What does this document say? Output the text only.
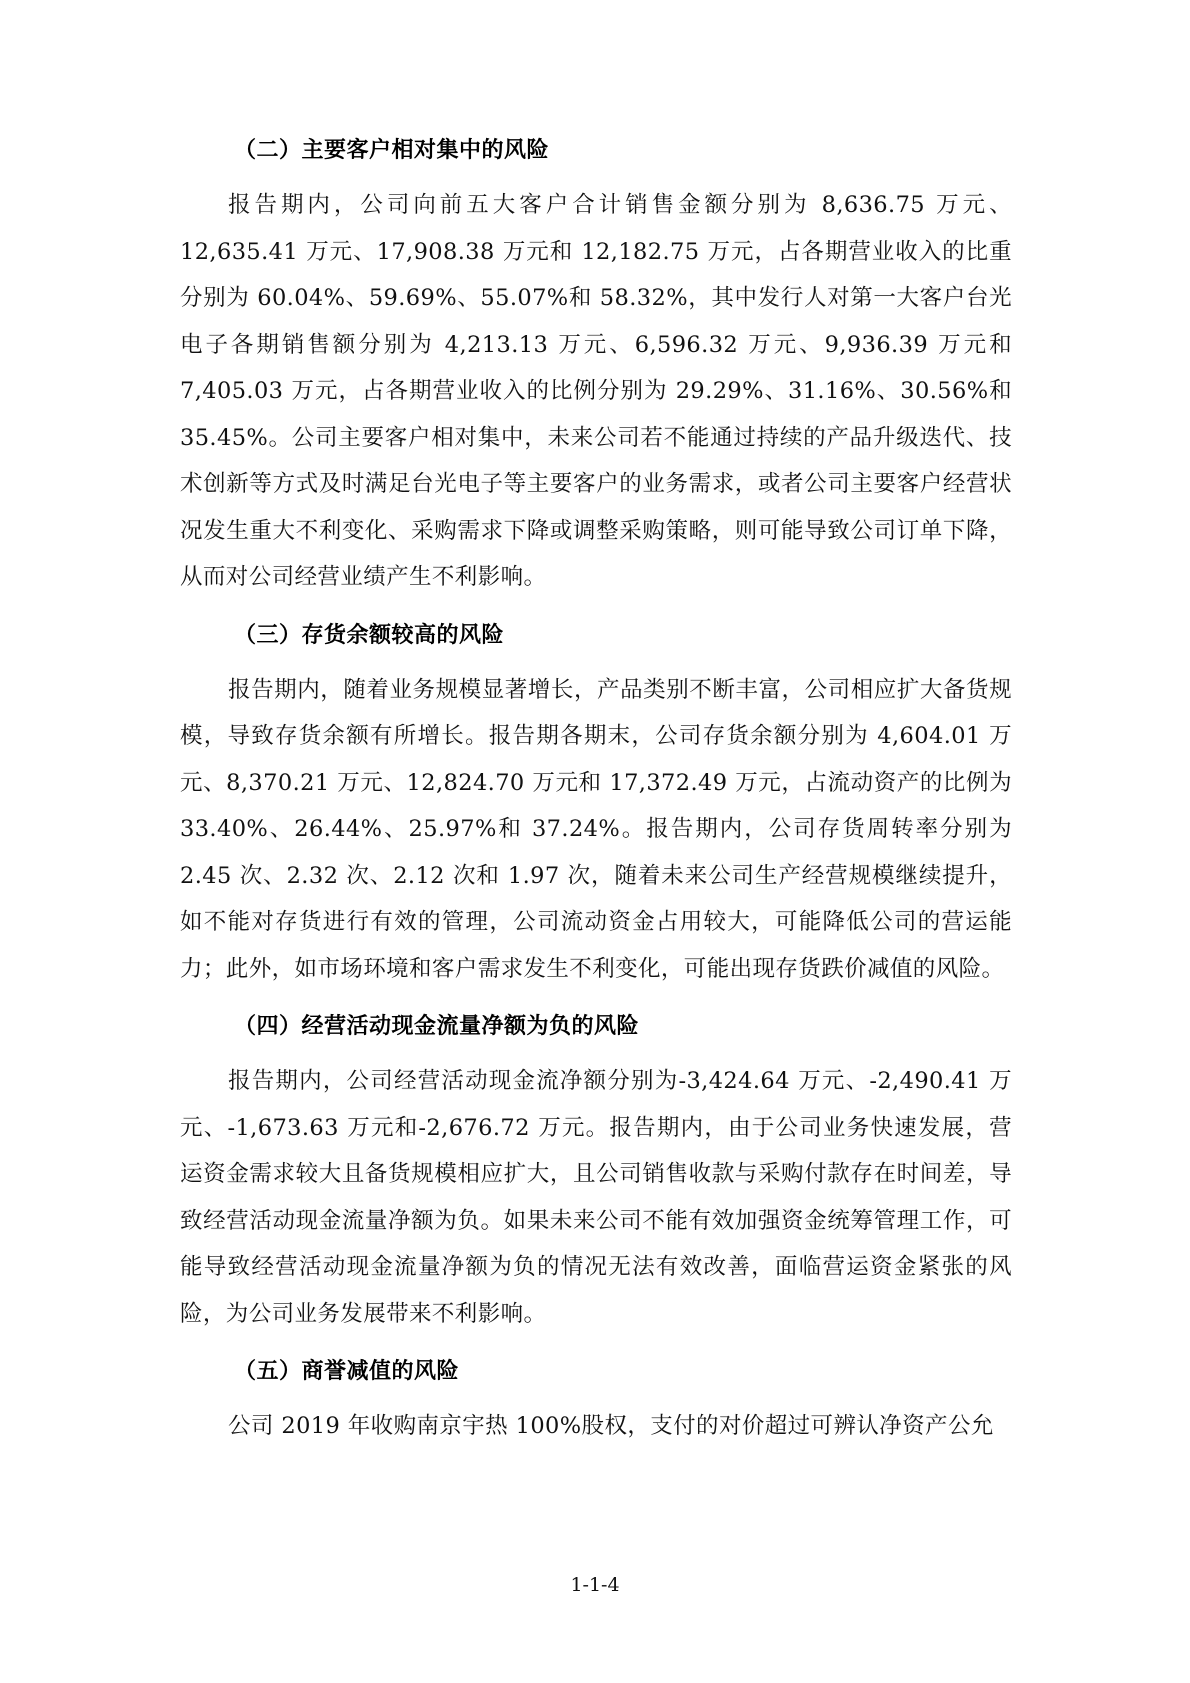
（二）主要客户相对集中的风险

报告期内，公司向前五大客户合计销售金额分别为 8,636.75 万元、12,635.41 万元、17,908.38 万元和 12,182.75 万元，占各期营业收入的比重分别为 60.04%、59.69%、55.07%和 58.32%，其中发行人对第一大客户台光电子各期销售额分别为 4,213.13 万元、6,596.32 万元、9,936.39 万元和 7,405.03 万元，占各期营业收入的比例分别为 29.29%、31.16%、30.56%和 35.45%。公司主要客户相对集中，未来公司若不能通过持续的产品升级迭代、技术创新等方式及时满足台光电子等主要客户的业务需求，或者公司主要客户经营状况发生重大不利变化、采购需求下降或调整采购策略，则可能导致公司订单下降，从而对公司经营业绩产生不利影响。

（三）存货余额较高的风险

报告期内，随着业务规模显著增长，产品类别不断丰富，公司相应扩大备货规模，导致存货余额有所增长。报告期各期末，公司存货余额分别为 4,604.01 万元、8,370.21 万元、12,824.70 万元和 17,372.49 万元，占流动资产的比例为 33.40%、26.44%、25.97%和 37.24%。报告期内，公司存货周转率分别为 2.45 次、2.32 次、2.12 次和 1.97 次，随着未来公司生产经营规模继续提升，如不能对存货进行有效的管理，公司流动资金占用较大，可能降低公司的营运能力；此外，如市场环境和客户需求发生不利变化，可能出现存货跌价减值的风险。

（四）经营活动现金流量净额为负的风险

报告期内，公司经营活动现金流净额分别为-3,424.64 万元、-2,490.41 万元、-1,673.63 万元和-2,676.72 万元。报告期内，由于公司业务快速发展，营运资金需求较大且备货规模相应扩大，且公司销售收款与采购付款存在时间差，导致经营活动现金流量净额为负。如果未来公司不能有效加强资金统筹管理工作，可能导致经营活动现金流量净额为负的情况无法有效改善，面临营运资金紧张的风险，为公司业务发展带来不利影响。

（五）商誉减值的风险

公司 2019 年收购南京宇热 100%股权，支付的对价超过可辨认净资产公允

1-1-4
